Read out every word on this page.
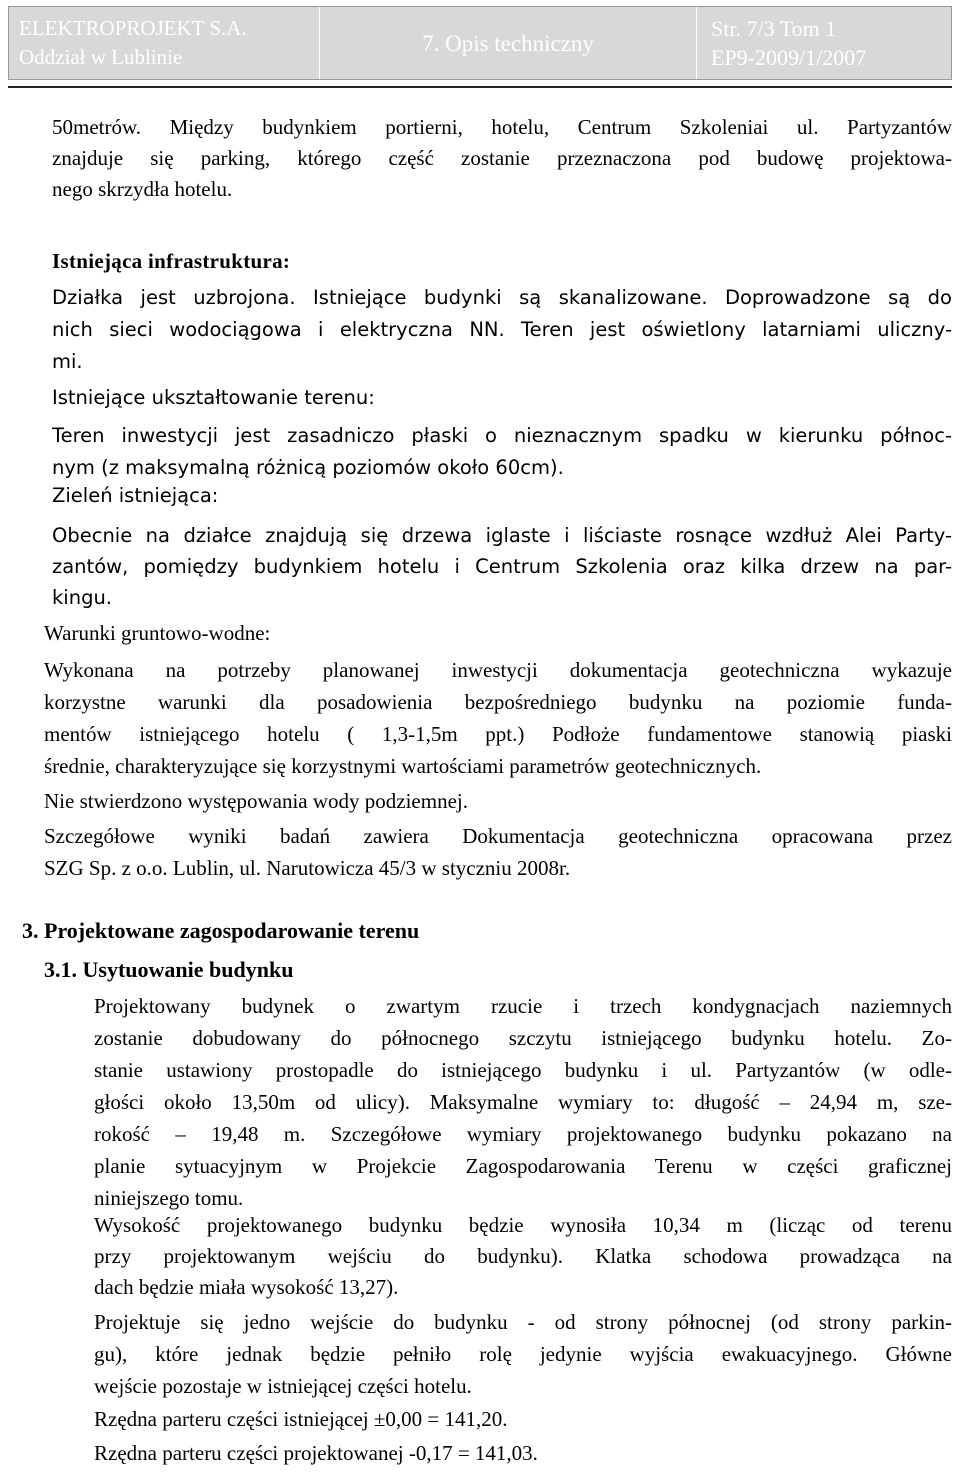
ELEKTROPROJEKT S.A.
Oddział w Lublinie
7. Opis techniczny
Str. 7/3 Tom 1
EP9-2009/1/2007
50metrów. Między budynkiem portierni, hotelu, Centrum Szkoleniai ul. Partyzantów
znajduje się parking, którego część zostanie przeznaczona pod budowę projektowa-
nego skrzydła hotelu.
Istniejąca infrastruktura:
Działka jest uzbrojona. Istniejące budynki są skanalizowane. Doprowadzone są do
nich sieci wodociągowa i elektryczna NN. Teren jest oświetlony latarniami uliczny-
mi.
Istniejące ukształtowanie terenu:
Teren inwestycji jest zasadniczo płaski o nieznacznym spadku w kierunku północ-
nym (z maksymalną różnicą poziomów około 60cm).
Zieleń istniejąca:
Obecnie na działce znajdują się drzewa iglaste i liściaste rosnące wzdłuż Alei Party-
zantów, pomiędzy budynkiem hotelu i Centrum Szkolenia oraz kilka drzew na par-
kingu.
Warunki gruntowo-wodne:
Wykonana na potrzeby planowanej inwestycji dokumentacja geotechniczna wykazuje
korzystne warunki dla posadowienia bezpośredniego budynku na poziomie funda-
mentów istniejącego hotelu ( 1,3-1,5m ppt.) Podłoże fundamentowe stanowią piaski
średnie, charakteryzujące się korzystnymi wartościami parametrów geotechnicznych.
Nie stwierdzono występowania wody podziemnej.
Szczegółowe wyniki badań zawiera Dokumentacja geotechniczna opracowana przez
SZG Sp. z o.o. Lublin, ul. Narutowicza 45/3 w styczniu 2008r.
3. Projektowane zagospodarowanie terenu
3.1. Usytuowanie budynku
Projektowany budynek o zwartym rzucie i trzech kondygnacjach naziemnych
zostanie dobudowany do północnego szczytu istniejącego budynku hotelu. Zo-
stanie ustawiony prostopadle do istniejącego budynku i ul. Partyzantów (w odle-
głości około 13,50m od ulicy). Maksymalne wymiary to: długość – 24,94 m, sze-
rokość – 19,48 m. Szczegółowe wymiary projektowanego budynku pokazano na
planie sytuacyjnym w Projekcie Zagospodarowania Terenu w części graficznej
niniejszego tomu.
Wysokość projektowanego budynku będzie wynosiła 10,34 m (licząc od terenu
przy projektowanym wejściu do budynku). Klatka schodowa prowadząca na
dach będzie miała wysokość 13,27).
Projektuje się jedno wejście do budynku - od strony północnej (od strony parkin-
gu), które jednak będzie pełniło rolę jedynie wyjścia ewakuacyjnego. Główne
wejście pozostaje w istniejącej części hotelu.
Rzędna parteru części istniejącej ±0,00 = 141,20.
Rzędna parteru części projektowanej -0,17 = 141,03.
